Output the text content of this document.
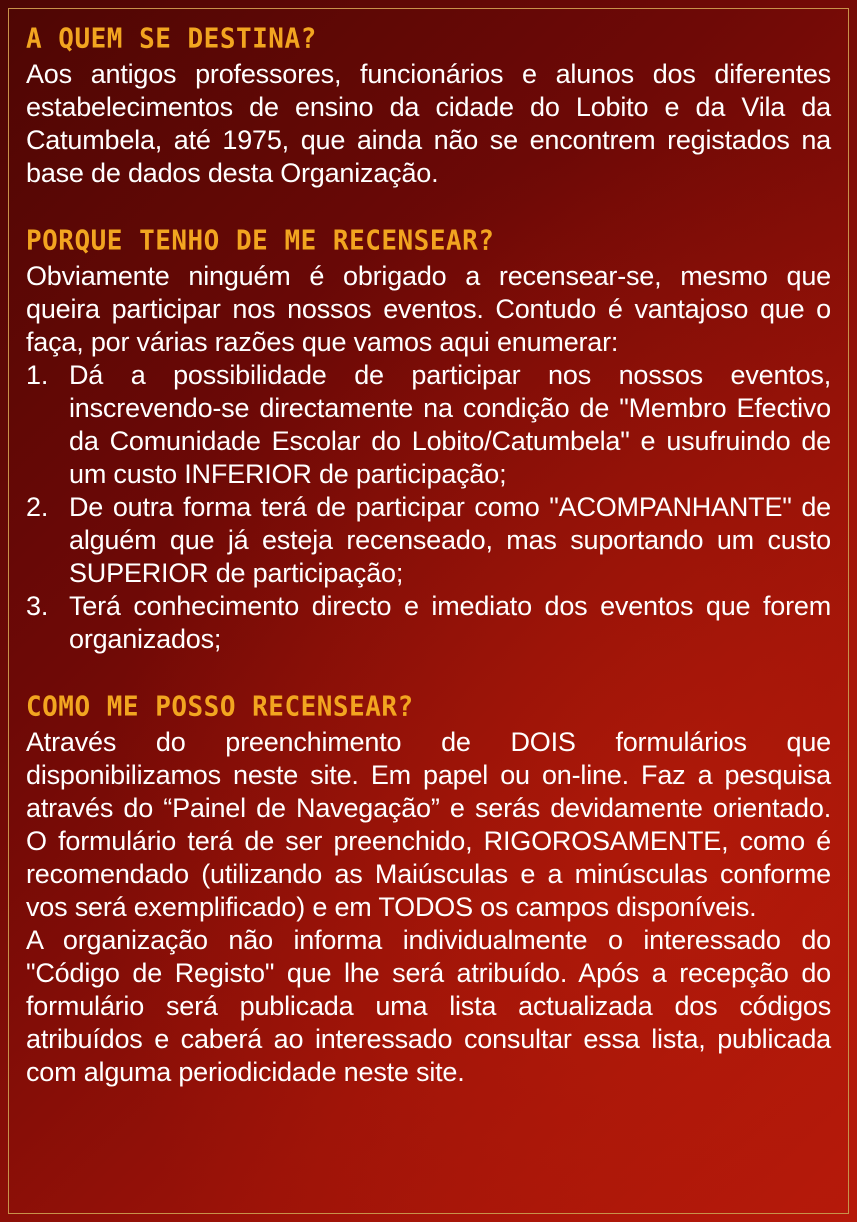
A QUEM SE DESTINA?

Aos antigos professores, funcionários e alunos dos diferentes estabelecimentos de ensino da cidade do Lobito e da Vila da Catumbela, até 1975, que ainda não se encontrem registados na base de dados desta Organização.

PORQUE TENHO DE ME RECENSEAR?

Obviamente ninguém é obrigado a recensear-se, mesmo que queira participar nos nossos eventos. Contudo é vantajoso que o faça, por várias razões que vamos aqui enumerar:

1. Dá a possibilidade de participar nos nossos eventos, inscrevendo-se directamente na condição de "Membro Efectivo da Comunidade Escolar do Lobito/Catumbela" e usufruindo de um custo INFERIOR de participação;
2. De outra forma terá de participar como "ACOMPANHANTE" de alguém que já esteja recenseado, mas suportando um custo SUPERIOR de participação;
3. Terá conhecimento directo e imediato dos eventos que forem organizados;
COMO ME POSSO RECENSEAR?

Através do preenchimento de DOIS formulários que disponibilizamos neste site. Em papel ou on-line. Faz a pesquisa através do “Painel de Navegação” e serás devidamente orientado. O formulário terá de ser preenchido, RIGOROSAMENTE, como é recomendado (utilizando as Maiúsculas e a minúsculas conforme vos será exemplificado) e em TODOS os campos disponíveis.

A organização não informa individualmente o interessado do "Código de Registo" que lhe será atribuído. Após a recepção do formulário será publicada uma lista actualizada dos códigos atribuídos e caberá ao interessado consultar essa lista, publicada com alguma periodicidade neste site.
